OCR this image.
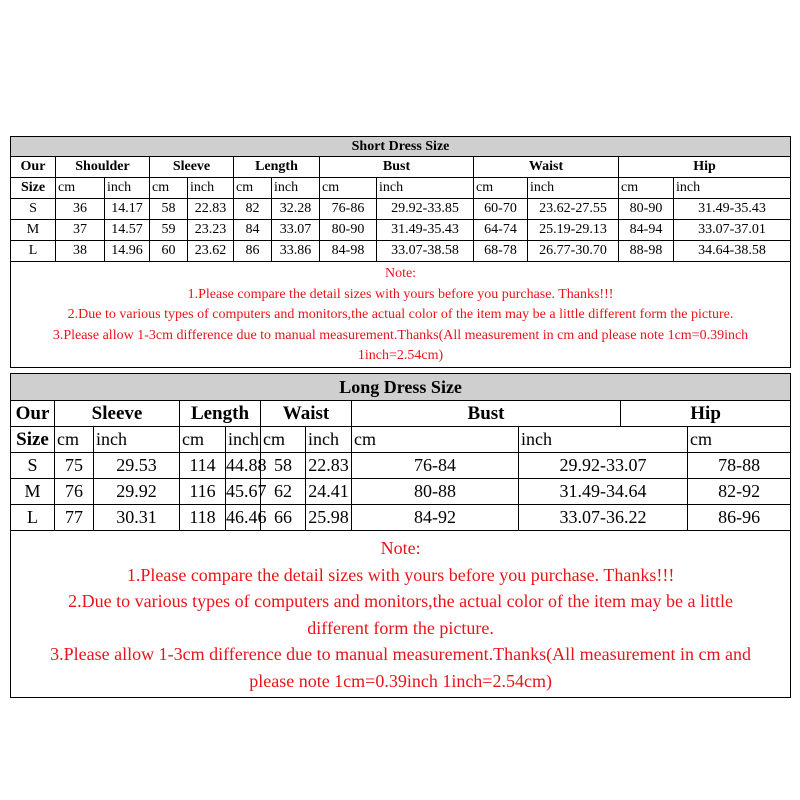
Short Dress Size												
Our	Shoulder		Sleeve		Length		Bust		Waist		Hip	
Size	cm	inch	cm	inch	cm	inch	cm	inch	cm	inch	cm	inch
S	36	14.17	58	22.83	82	32.28	76-86	29.92-33.85	60-70	23.62-27.55	80-90	31.49-35.43
M	37	14.57	59	23.23	84	33.07	80-90	31.49-35.43	64-74	25.19-29.13	84-94	33.07-37.01
L	38	14.96	60	23.62	86	33.86	84-98	33.07-38.58	68-78	26.77-30.70	88-98	34.64-38.58

Note:

1.Please compare the detail sizes with yours before you purchase. Thanks!!!

2.Due to various types of computers and monitors,the actual color of the item may be a little different form the picture.

3.Please allow 1-3cm difference due to manual measurement.Thanks(All measurement in cm and please note 1cm=0.39inch 1inch=2.54cm)												

Long Dress Size											
Our	Sleeve		Length		Waist		Bust		Hip		
Size	cm	inch	cm	inch	cm	inch	cm	inch		cm	
S	75	29.53	114	44.88	58	22.83	76-84	29.92-33.07		78-88	
M	76	29.92	116	45.67	62	24.41	80-88	31.49-34.64		82-92	
L	77	30.31	118	46.46	66	25.98	84-92	33.07-36.22		86-96	

Note:

1.Please compare the detail sizes with yours before you purchase. Thanks!!!

2.Due to various types of computers and monitors,the actual color of the item may be a little different form the picture.

3.Please allow 1-3cm difference due to manual measurement.Thanks(All measurement in cm and please note 1cm=0.39inch 1inch=2.54cm)											
